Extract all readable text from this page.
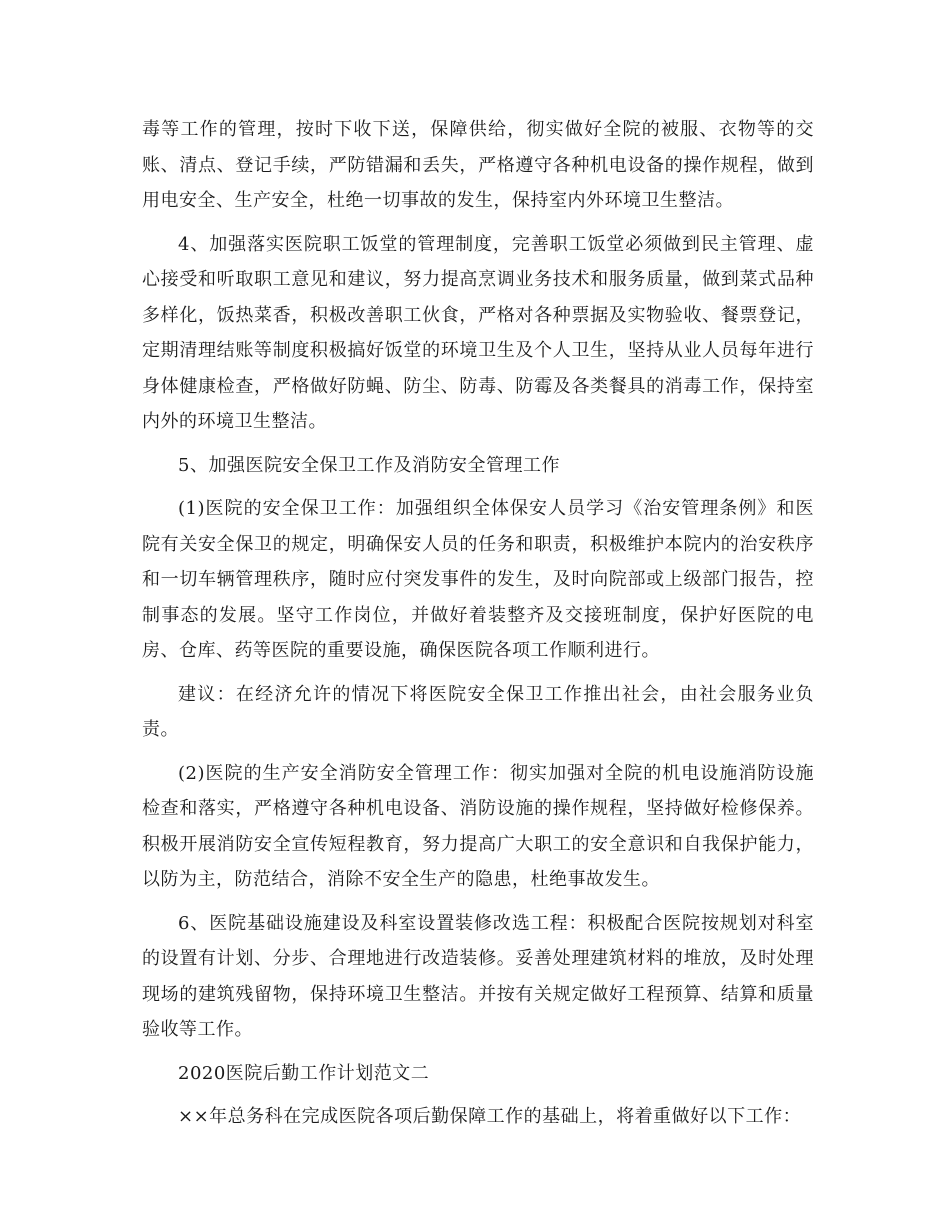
毒等工作的管理，按时下收下送，保障供给，彻实做好全院的被服、衣物等的交账、清点、登记手续，严防错漏和丢失，严格遵守各种机电设备的操作规程，做到用电安全、生产安全，杜绝一切事故的发生，保持室内外环境卫生整洁。

4、加强落实医院职工饭堂的管理制度，完善职工饭堂必须做到民主管理、虚心接受和听取职工意见和建议，努力提高烹调业务技术和服务质量，做到菜式品种多样化，饭热菜香，积极改善职工伙食，严格对各种票据及实物验收、餐票登记，定期清理结账等制度积极搞好饭堂的环境卫生及个人卫生，坚持从业人员每年进行身体健康检查，严格做好防蝇、防尘、防毒、防霉及各类餐具的消毒工作，保持室内外的环境卫生整洁。

5、加强医院安全保卫工作及消防安全管理工作

(1)医院的安全保卫工作：加强组织全体保安人员学习《治安管理条例》和医院有关安全保卫的规定，明确保安人员的任务和职责，积极维护本院内的治安秩序和一切车辆管理秩序，随时应付突发事件的发生，及时向院部或上级部门报告，控制事态的发展。坚守工作岗位，并做好着装整齐及交接班制度，保护好医院的电房、仓库、药等医院的重要设施，确保医院各项工作顺利进行。

建议：在经济允许的情况下将医院安全保卫工作推出社会，由社会服务业负责。

(2)医院的生产安全消防安全管理工作：彻实加强对全院的机电设施消防设施检查和落实，严格遵守各种机电设备、消防设施的操作规程，坚持做好检修保养。积极开展消防安全宣传短程教育，努力提高广大职工的安全意识和自我保护能力，以防为主，防范结合，消除不安全生产的隐患，杜绝事故发生。

6、医院基础设施建设及科室设置装修改选工程：积极配合医院按规划对科室的设置有计划、分步、合理地进行改造装修。妥善处理建筑材料的堆放，及时处理现场的建筑残留物，保持环境卫生整洁。并按有关规定做好工程预算、结算和质量验收等工作。

2020医院后勤工作计划范文二

××年总务科在完成医院各项后勤保障工作的基础上，将着重做好以下工作：
